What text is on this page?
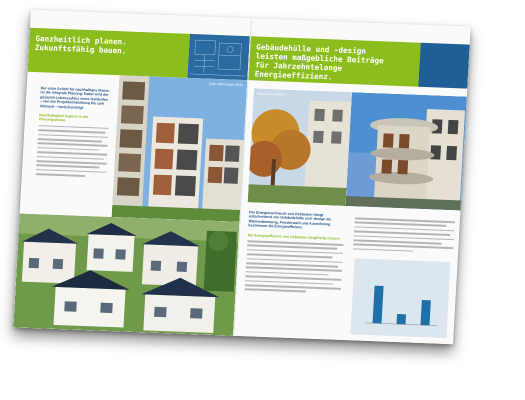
Ganzheitlich planen.
Zukunftsfähig bauen.
Der erste Schritt für nachhaltiges Bauen ist die integrale Planung. Dabei wird der gesamte Lebenszyklus eines Gebäudes – von der Projektentwicklung bis zum Abbruch – berücksichtigt.
Nachhaltigkeit beginnt in der Planungsphase
Solar Wohnanlage, Berlin
Gebäudehülle und -design
leisten maßgebliche Beiträge
für Jahrzehntelange
Energieeffizienz.
Wohnhaus, Frankfurt
Der Energieverbrauch von Gebäuden hängt entscheidend von Gebäudehülle und -design ab. Wärmedämmung, Fensterwahl und Ausrichtung bestimmen die Energieeffizienz.
Die Energieeffizienz von Gebäuden langfristig sichern
